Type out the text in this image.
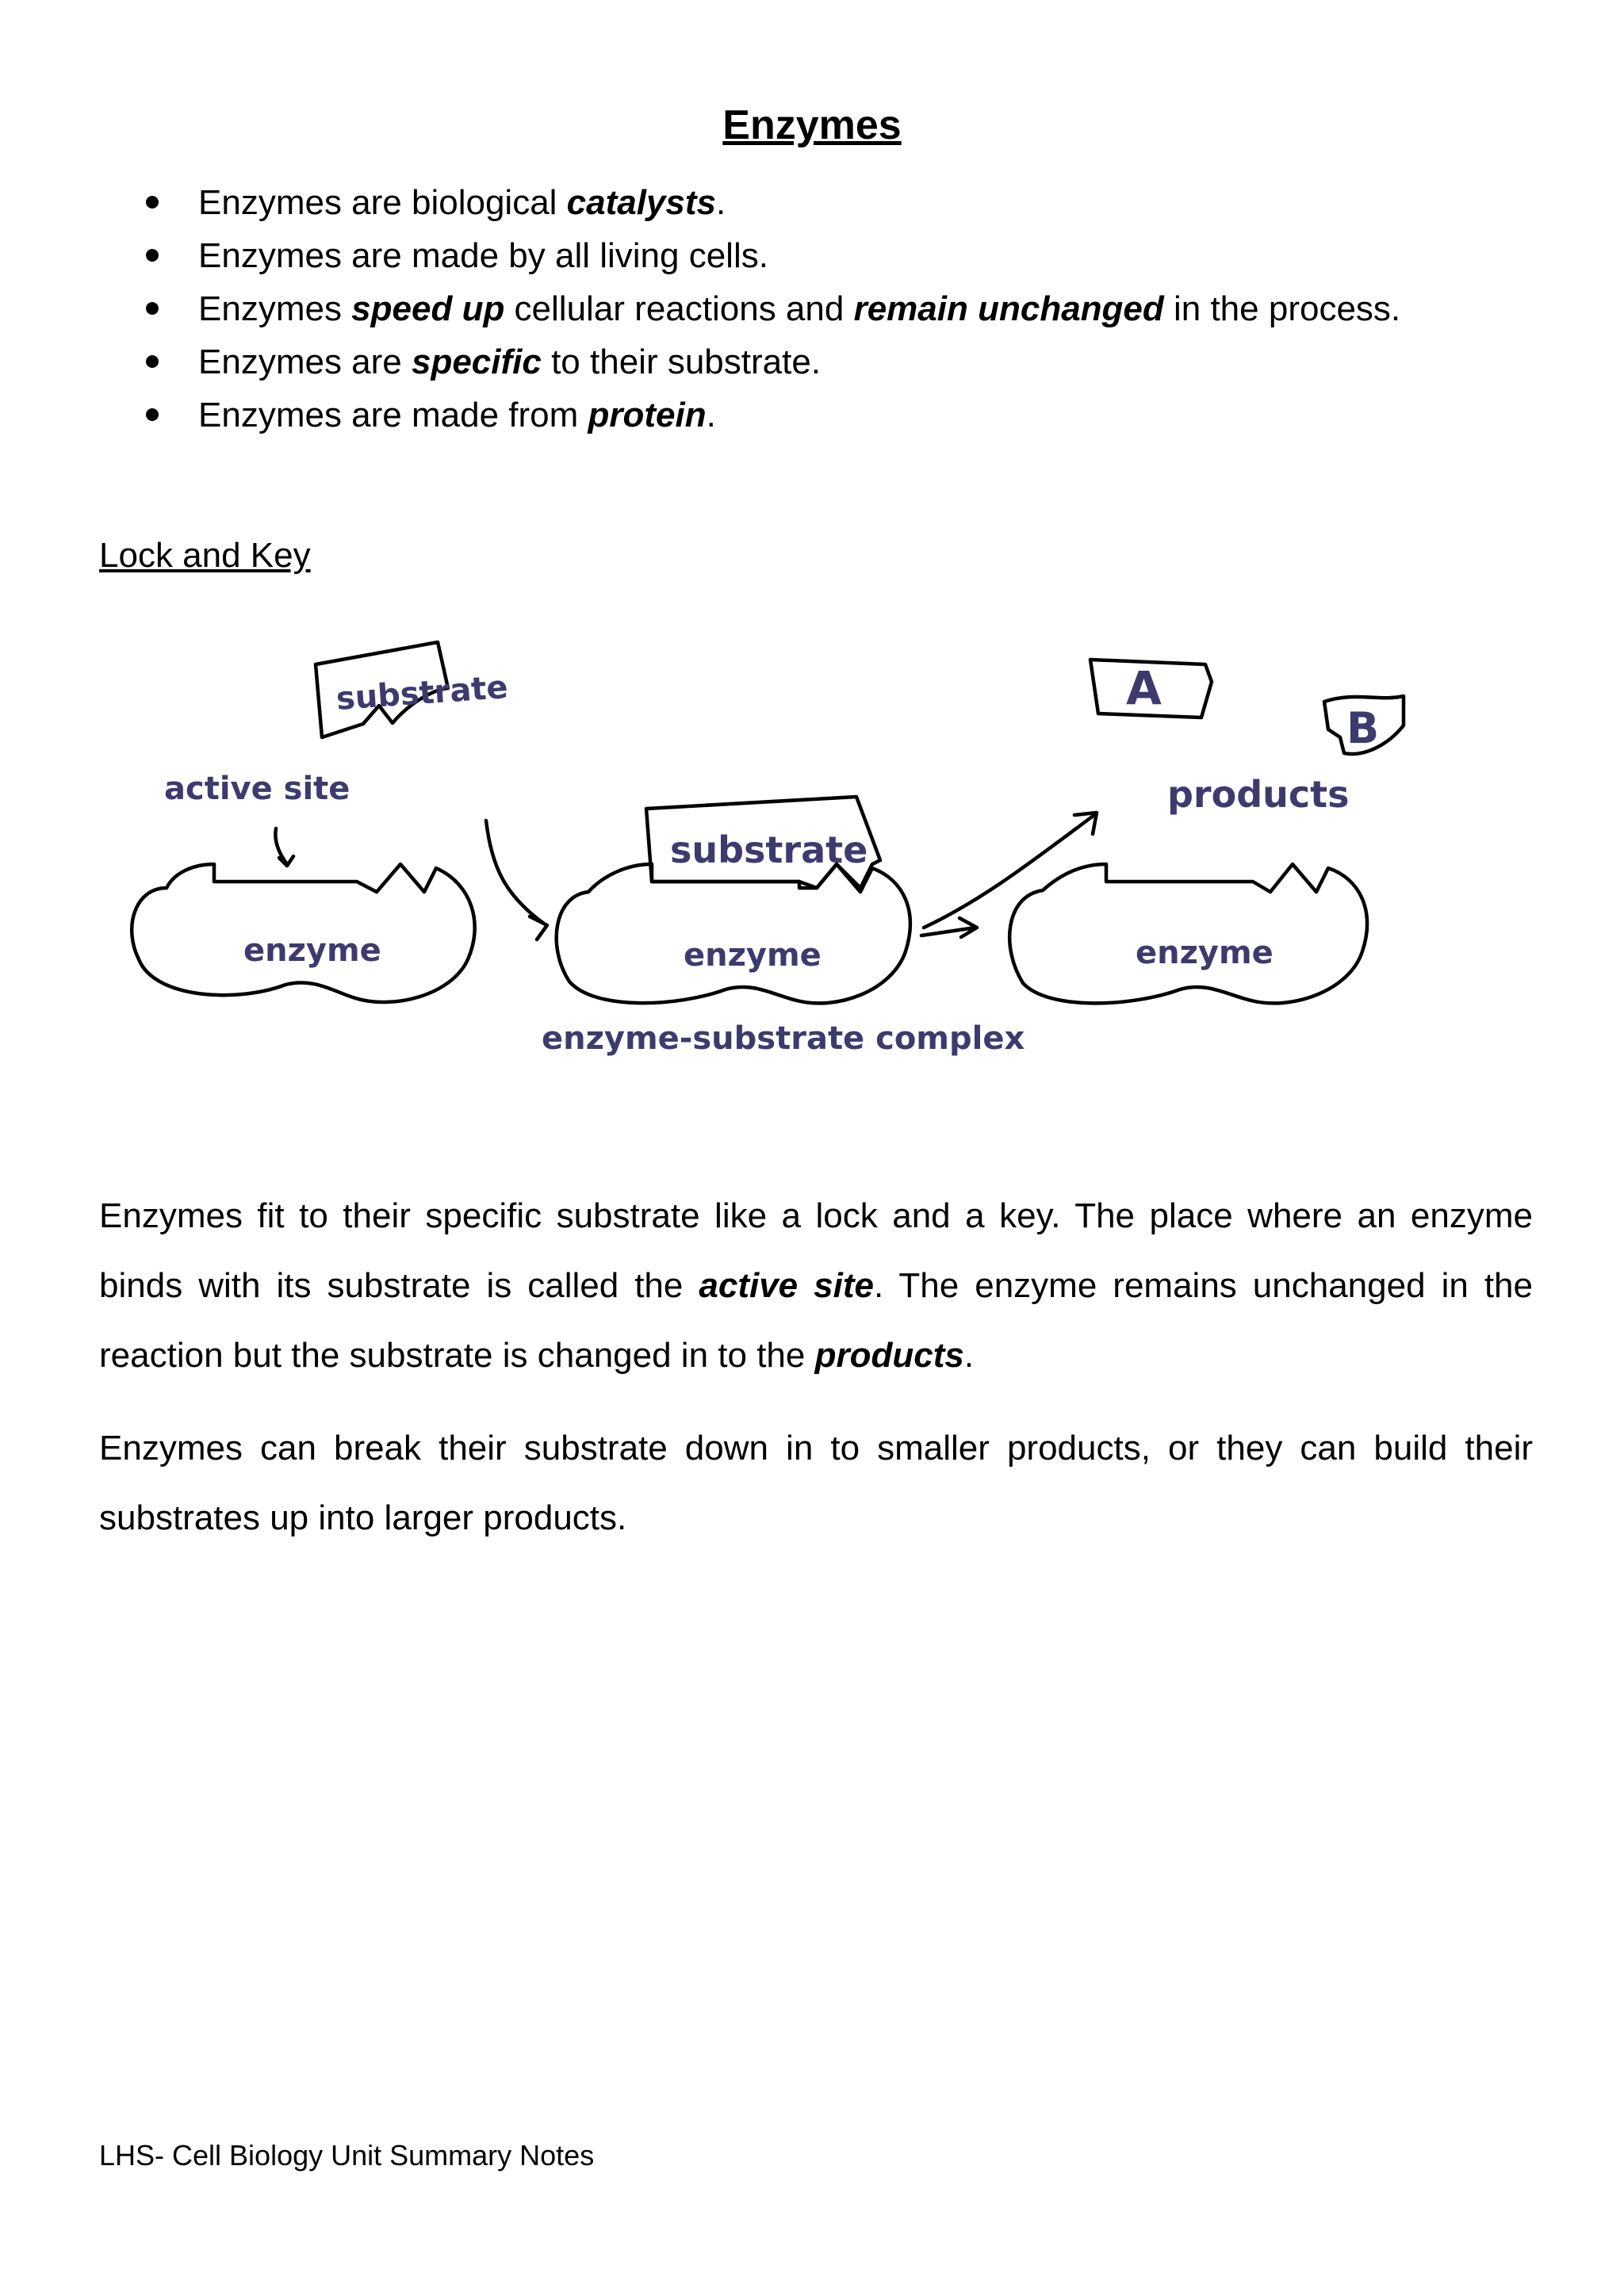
Enzymes
Enzymes are biological catalysts.
Enzymes are made by all living cells.
Enzymes speed up cellular reactions and remain unchanged in the process.
Enzymes are specific to their substrate.
Enzymes are made from protein.
Lock and Key
substrate
active site
enzyme
substrate
enzyme
enzyme-substrate complex
enzyme
A
B
products

Enzymes fit to their specific substrate like a lock and a key. The place where an enzyme binds with its substrate is called the active site. The enzyme remains unchanged in the reaction but the substrate is changed in to the products.

Enzymes can break their substrate down in to smaller products, or they can build their substrates up into larger products.

LHS- Cell Biology Unit Summary Notes
